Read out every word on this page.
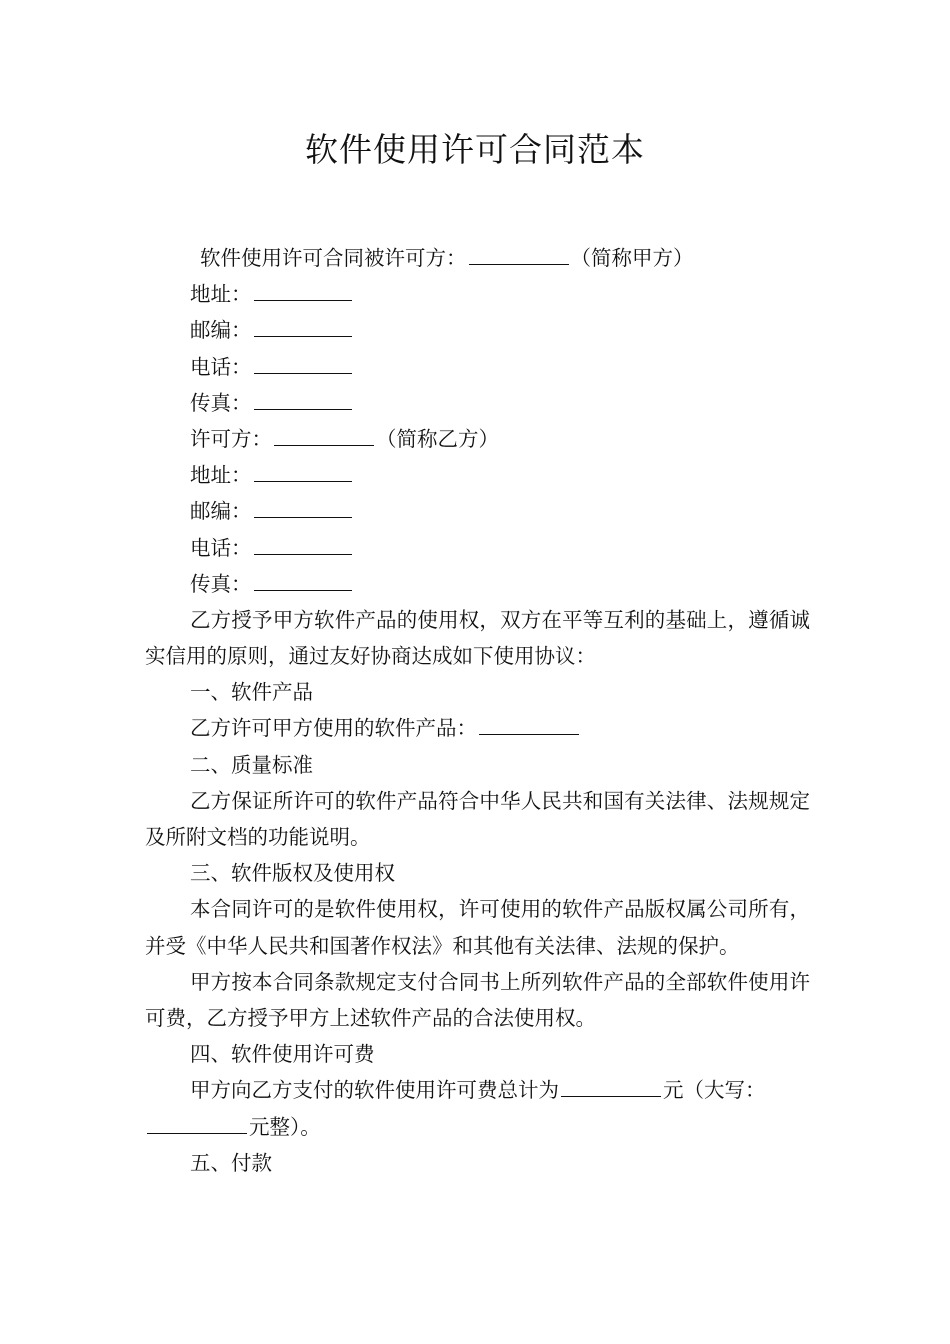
软件使用许可合同范本
软件使用许可合同被许可方：	（简称甲方）
地址：
邮编：
电话：
传真：
许可方：	（简称乙方）
地址：
邮编：
电话：
传真：
乙方授予甲方软件产品的使用权，双方在平等互利的基础上，遵循诚实信用的原则，通过友好协商达成如下使用协议：
一、软件产品
乙方许可甲方使用的软件产品：
二、质量标准
乙方保证所许可的软件产品符合中华人民共和国有关法律、法规规定及所附文档的功能说明。
三、软件版权及使用权
本合同许可的是软件使用权，许可使用的软件产品版权属公司所有，并受《中华人民共和国著作权法》和其他有关法律、法规的保护。
甲方按本合同条款规定支付合同书上所列软件产品的全部软件使用许可费，乙方授予甲方上述软件产品的合法使用权。
四、软件使用许可费
甲方向乙方支付的软件使用许可费总计为	元（大写：
元整）。
五、付款
